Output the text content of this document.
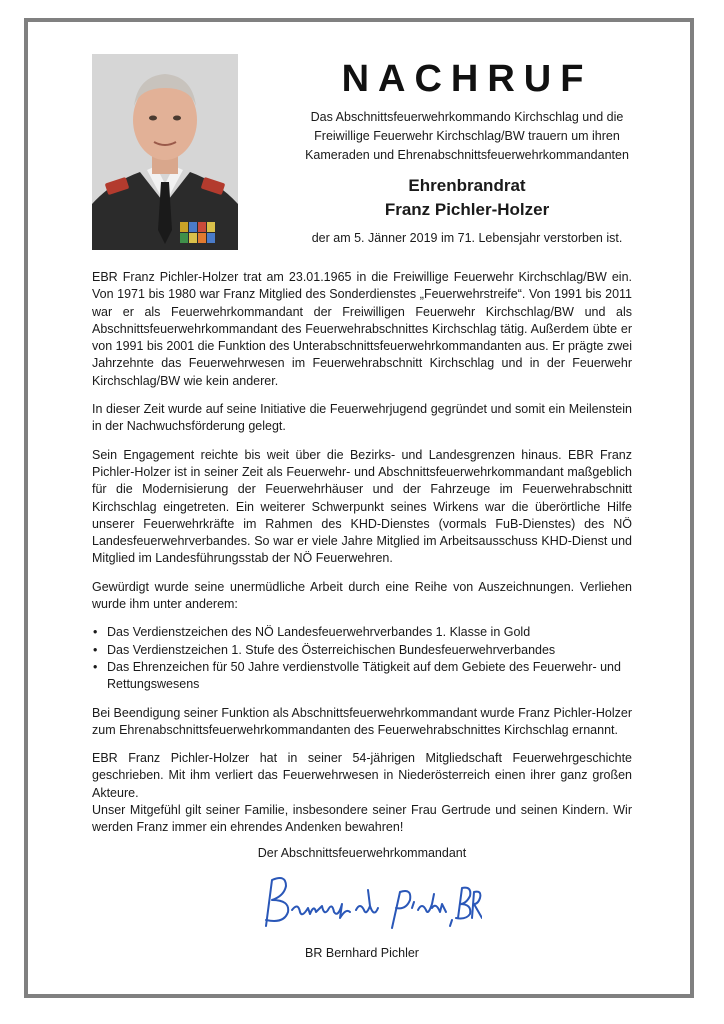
NACHRUF
Das Abschnittsfeuerwehrkommando Kirchschlag und die
Freiwillige Feuerwehr Kirchschlag/BW trauern um ihren
Kameraden und Ehrenabschnittsfeuerwehrkommandanten
Ehrenbrandrat
Franz Pichler-Holzer
der am 5. Jänner 2019 im 71. Lebensjahr verstorben ist.

EBR Franz Pichler-Holzer trat am 23.01.1965 in die Freiwillige Feuerwehr Kirchschlag/BW ein. Von 1971 bis 1980 war Franz Mitglied des Sonderdienstes „Feuerwehrstreife“. Von 1991 bis 2011 war er als Feuerwehrkommandant der Freiwilligen Feuerwehr Kirchschlag/BW und als Abschnittsfeuerwehrkommandant des Feuerwehrabschnittes Kirchschlag tätig. Außerdem übte er von 1991 bis 2001 die Funktion des Unterabschnittsfeuerwehrkommandanten aus. Er prägte zwei Jahrzehnte das Feuerwehrwesen im Feuerwehrabschnitt Kirchschlag und in der Feuerwehr Kirchschlag/BW wie kein anderer.

In dieser Zeit wurde auf seine Initiative die Feuerwehrjugend gegründet und somit ein Meilenstein in der Nachwuchsförderung gelegt.

Sein Engagement reichte bis weit über die Bezirks- und Landesgrenzen hinaus. EBR Franz Pichler-Holzer ist in seiner Zeit als Feuerwehr- und Abschnittsfeuerwehrkommandant maßgeblich für die Modernisierung der Feuerwehrhäuser und der Fahrzeuge im Feuerwehrabschnitt Kirchschlag eingetreten. Ein weiterer Schwerpunkt seines Wirkens war die überörtliche Hilfe unserer Feuerwehrkräfte im Rahmen des KHD-Dienstes (vormals FuB-Dienstes) des NÖ Landesfeuerwehrverbandes. So war er viele Jahre Mitglied im Arbeitsausschuss KHD-Dienst und Mitglied im Landesführungsstab der NÖ Feuerwehren.

Gewürdigt wurde seine unermüdliche Arbeit durch eine Reihe von Auszeichnungen. Verliehen wurde ihm unter anderem:

• Das Verdienstzeichen des NÖ Landesfeuerwehrverbandes 1. Klasse in Gold
• Das Verdienstzeichen 1. Stufe des Österreichischen Bundesfeuerwehrverbandes
• Das Ehrenzeichen für 50 Jahre verdienstvolle Tätigkeit auf dem Gebiete des Feuerwehr- und Rettungswesens

Bei Beendigung seiner Funktion als Abschnittsfeuerwehrkommandant wurde Franz Pichler-Holzer zum Ehrenabschnittsfeuerwehrkommandanten des Feuerwehrabschnittes Kirchschlag ernannt.

EBR Franz Pichler-Holzer hat in seiner 54-jährigen Mitgliedschaft Feuerwehrgeschichte geschrieben. Mit ihm verliert das Feuerwehrwesen in Niederösterreich einen ihrer ganz großen Akteure.

Unser Mitgefühl gilt seiner Familie, insbesondere seiner Frau Gertrude und seinen Kindern. Wir werden Franz immer ein ehrendes Andenken bewahren!

Der Abschnittsfeuerwehrkommandant
BR Bernhard Pichler
